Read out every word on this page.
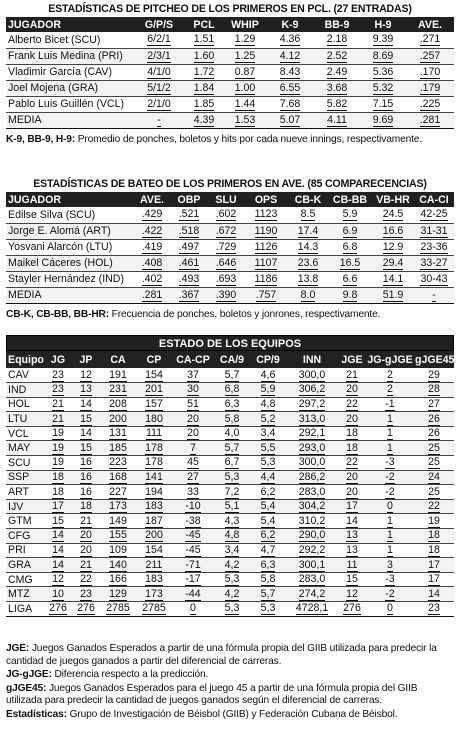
ESTADÍSTICAS DE PITCHEO DE LOS PRIMEROS EN PCL. (27 ENTRADAS)
JUGADOR	G/P/S	PCL	WHIP	K-9	BB-9	H-9	AVE.
Alberto Bicet (SCU)	6/2/1	1.51	1.29	4.36	2.18	9.39	.271
Frank Luis Medina (PRI)	2/3/1	1.60	1.25	4.12	2.52	8.69	.257
Vladimir García (CAV)	4/1/0	1.72	0.87	8.43	2.49	5.36	.170
Joel Mojena (GRA)	5/1/2	1.84	1.00	6.55	3.68	5.32	.179
Pablo Luis Guillén (VCL)	2/1/0	1.85	1.44	7.68	5.82	7.15	.225
MEDIA	-	4.39	1.53	5.07	4.11	9.69	.281
K-9, BB-9, H-9: Promedio de ponches, boletos y hits por cada nueve innings, respectivamente.
ESTADÍSTICAS DE BATEO DE LOS PRIMEROS EN AVE. (85 COMPARECENCIAS)
JUGADOR	AVE.	OBP	SLU	OPS	CB-K	CB-BB	VB-HR	CA-CI
Edilse Silva (SCU)	.429	.521	.602	1123	8.5	5.9	24.5	42-25
Jorge E. Alomá (ART)	.422	.518	.672	1190	17.4	6.9	16.6	31-31
Yosvani Alarcón (LTU)	.419	.497	.729	1126	14.3	6.8	12.9	23-36
Maikel Cáceres (HOL)	.408	.461	.646	1107	23.6	16.5	29.4	33-27
Stayler Hernández (IND)	.402	.493	.693	1186	13.8	6.6	14.1	30-43
MEDIA	.281	.367	.390	.757	8.0	9.8	51.9	-
CB-K, CB-BB, BB-HR: Frecuencia de ponches, boletos y jonrones, respectivamente.
ESTADO DE LOS EQUIPOS
Equipo	JG	JP	CA	CP	CA-CP	CA/9	CP/9	INN	JGE	JG-gJGE	gJGE45
CAV	23	12	191	154	37	5,7	4,6	300,0	21	2	29
IND	23	13	231	201	30	6,8	5,9	306,2	20	2	28
HOL	21	14	208	157	51	6,3	4,8	297,2	22	-1	27
LTU	21	15	200	180	20	5,8	5,2	313,0	20	1	26
VCL	19	14	131	111	20	4,0	3,4	292,1	18	1	26
MAY	19	15	185	178	7	5,7	5,5	293,0	18	1	25
SCU	19	16	223	178	45	6,7	5,3	300,0	22	-3	25
SSP	18	16	168	141	27	5,3	4,4	286,2	20	-2	24
ART	18	16	227	194	33	7,2	6,2	283,0	20	-2	25
IJV	17	18	173	183	-10	5,1	5,4	304,2	17	0	22
GTM	15	21	149	187	-38	4,3	5,4	310,2	14	1	19
CFG	14	20	155	200	-45	4,8	6,2	290,0	13	1	18
PRI	14	20	109	154	-45	3,4	4,7	292,2	13	1	18
GRA	14	21	140	211	-71	4,2	6,3	300,1	11	3	17
CMG	12	22	166	183	-17	5,3	5,8	283,0	15	-3	17
MTZ	10	23	129	173	-44	4,2	5,7	274,2	12	-2	14
LIGA	276	276	2785	2785	0	5,3	5,3	4728,1	276	0	23
JGE: Juegos Ganados Esperados a partir de una fórmula propia del GIIB utilizada para predecir la cantidad de juegos ganados a partir del diferencial de carreras.
JG-gJGE: Diferencia respecto a la predicción.
gJGE45: Juegos Ganados Esperados para el juego 45 a partir de una fórmula propia del GIIB utilizada para predecir la cantidad de juegos ganados según el diferencial de carreras.
Estadísticas: Grupo de Investigación de Béisbol (GIIB) y Federación Cubana de Béisbol.
